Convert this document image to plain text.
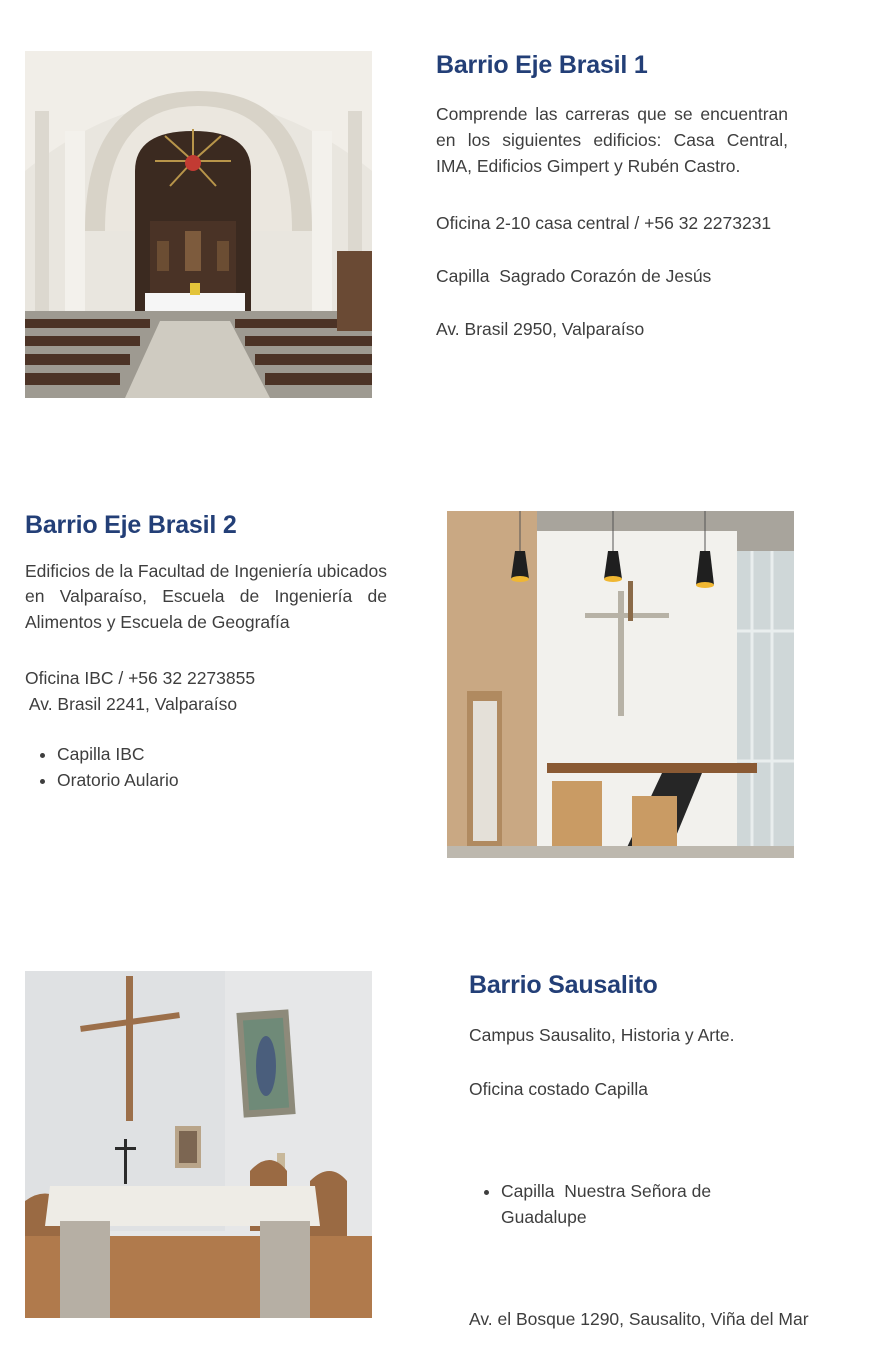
Barrio Eje Brasil 1

Comprende las carreras que se encuentran en los siguientes edificios: Casa Central, IMA, Edificios Gimpert y Rubén Castro.

Oficina 2-10 casa central / +56 32 2273231

Capilla  Sagrado Corazón de Jesús

Av. Brasil 2950, Valparaíso

Barrio Eje Brasil 2

Edificios de la Facultad de Ingeniería ubicados en Valparaíso, Escuela de Ingeniería de Alimentos y Escuela de Geografía

Oficina IBC / +56 32 2273855

Av. Brasil 2241, Valparaíso

• Capilla IBC
• Oratorio Aulario
Barrio Sausalito

Campus Sausalito, Historia y Arte.

Oficina costado Capilla

• Capilla  Nuestra Señora de Guadalupe

Av. el Bosque 1290, Sausalito, Viña del Mar
